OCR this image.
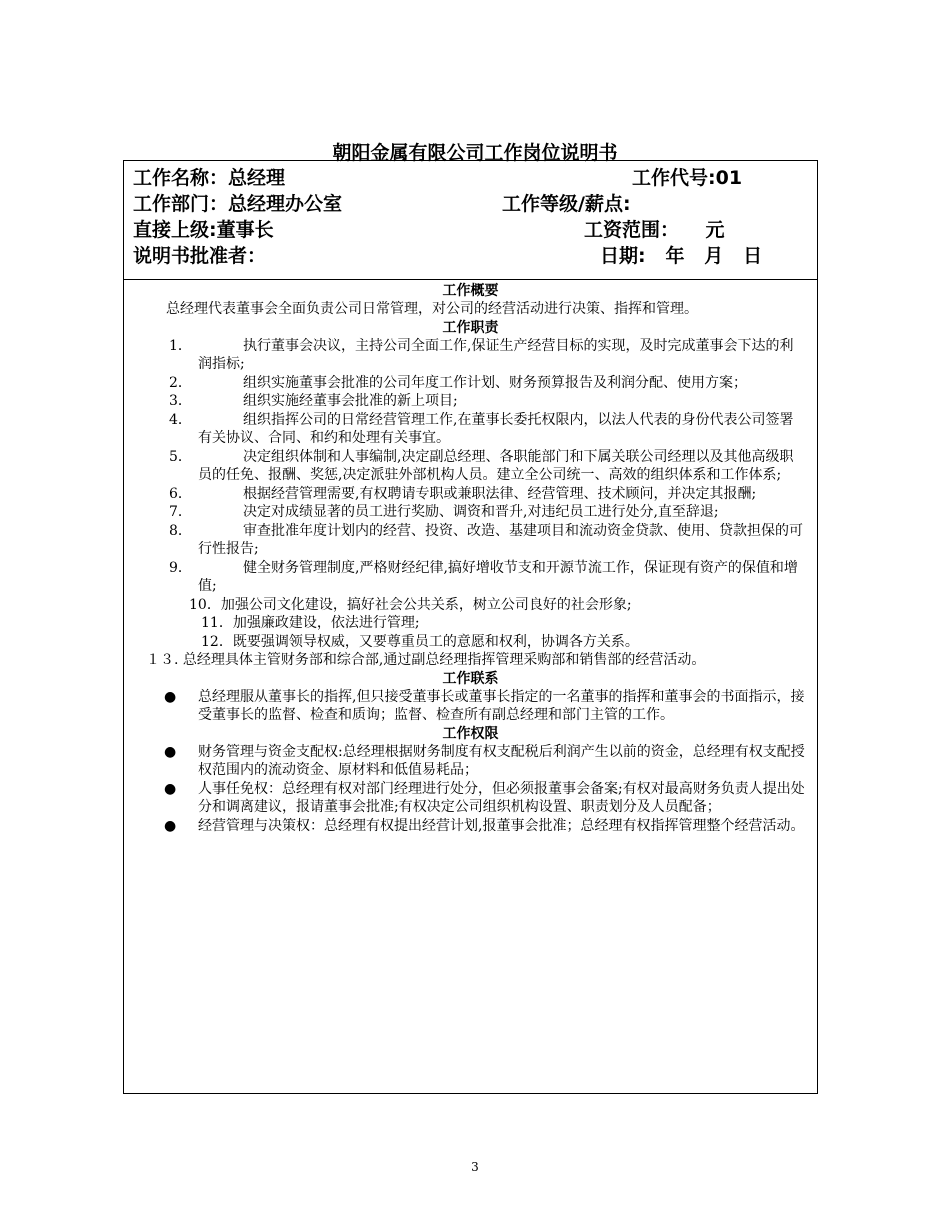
朝阳金属有限公司工作岗位说明书
工作名称：总经理	工作代号:01
工作部门：总经理办公室	工作等级/薪点:
直接上级:董事长	工资范围：    元
说明书批准者：	日期:   年   月   日
工作概要
总经理代表董事会全面负责公司日常管理，对公司的经营活动进行决策、指挥和管理。
工作职责
1．	执行董事会决议，主持公司全面工作,保证生产经营目标的实现，及时完成董事会下达的利润指标;
2．	组织实施董事会批准的公司年度工作计划、财务预算报告及利润分配、使用方案；
3．	组织实施经董事会批准的新上项目;
4．	组织指挥公司的日常经营管理工作,在董事长委托权限内，以法人代表的身份代表公司签署有关协议、合同、和约和处理有关事宜。
5．	决定组织体制和人事编制,决定副总经理、各职能部门和下属关联公司经理以及其他高级职员的任免、报酬、奖惩,决定派驻外部机构人员。建立全公司统一、高效的组织体系和工作体系;
6．	根据经营管理需要,有权聘请专职或兼职法律、经营管理、技术顾问，并决定其报酬;
7．	决定对成绩显著的员工进行奖励、调资和晋升,对违纪员工进行处分,直至辞退;
8．	审查批准年度计划内的经营、投资、改造、基建项目和流动资金贷款、使用、贷款担保的可行性报告;
9．	健全财务管理制度,严格财经纪律,搞好增收节支和开源节流工作，保证现有资产的保值和增值;
10．加强公司文化建设，搞好社会公共关系，树立公司良好的社会形象;
11．加强廉政建设，依法进行管理;
12．既要强调领导权威，又要尊重员工的意愿和权利，协调各方关系。
１３. 总经理具体主管财务部和综合部,通过副总经理指挥管理采购部和销售部的经营活动。
工作联系
● 总经理服从董事长的指挥,但只接受董事长或董事长指定的一名董事的指挥和董事会的书面指示，接受董事长的监督、检查和质询；监督、检查所有副总经理和部门主管的工作。
工作权限
● 财务管理与资金支配权:总经理根据财务制度有权支配税后利润产生以前的资金，总经理有权支配授权范围内的流动资金、原材料和低值易耗品；
● 人事任免权：总经理有权对部门经理进行处分，但必须报董事会备案;有权对最高财务负责人提出处分和调离建议，报请董事会批准;有权决定公司组织机构设置、职责划分及人员配备；
● 经营管理与决策权：总经理有权提出经营计划,报董事会批准；总经理有权指挥管理整个经营活动。
3
